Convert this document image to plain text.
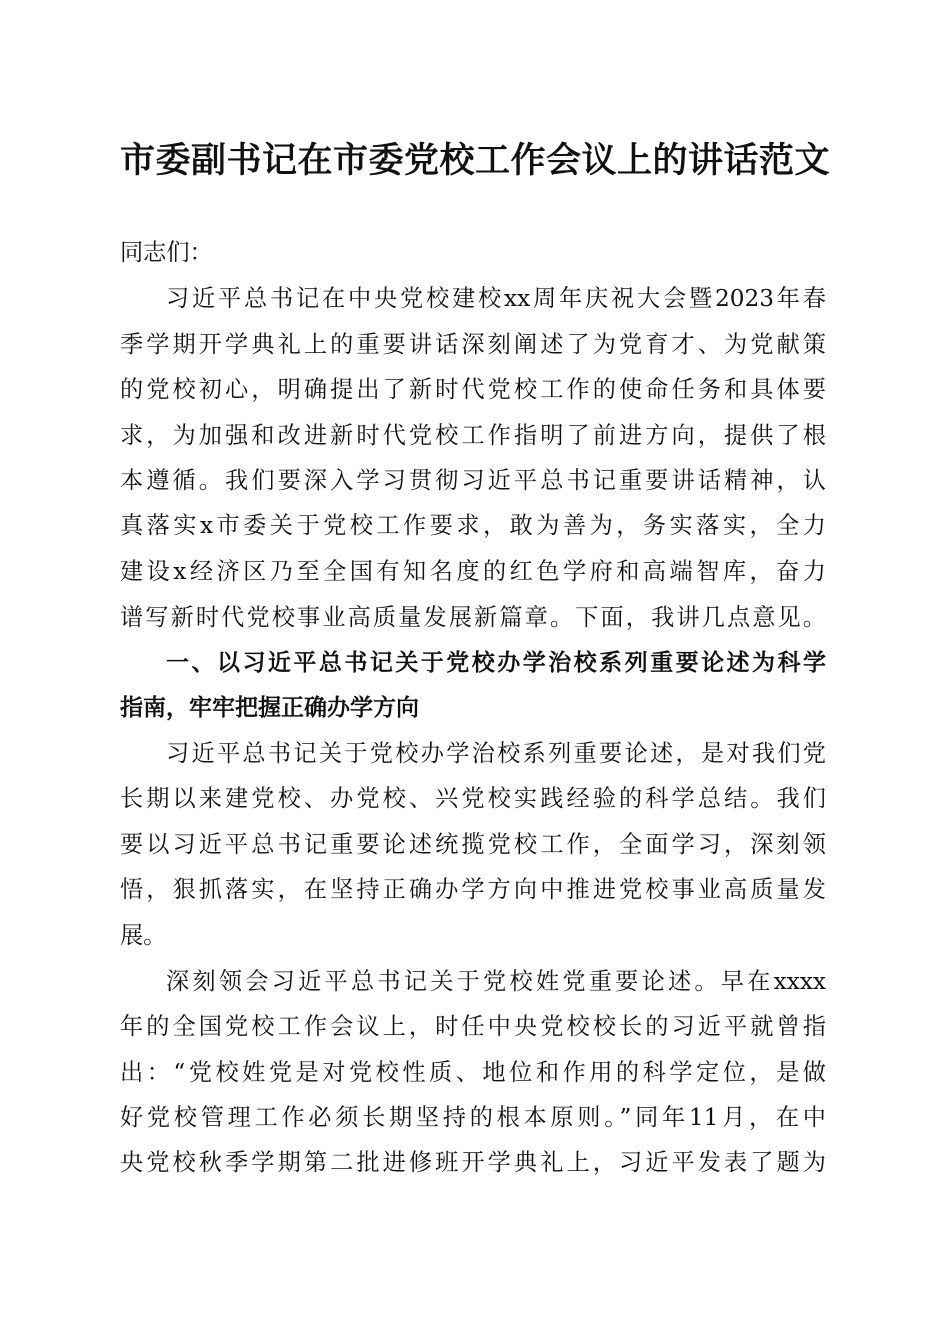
市委副书记在市委党校工作会议上的讲话范文
同志们：
习近平总书记在中央党校建校xx周年庆祝大会暨2023年春
季学期开学典礼上的重要讲话深刻阐述了为党育才、为党献策
的党校初心，明确提出了新时代党校工作的使命任务和具体要
求，为加强和改进新时代党校工作指明了前进方向，提供了根
本遵循。我们要深入学习贯彻习近平总书记重要讲话精神，认
真落实x市委关于党校工作要求，敢为善为，务实落实，全力
建设x经济区乃至全国有知名度的红色学府和高端智库，奋力
谱写新时代党校事业高质量发展新篇章。下面，我讲几点意见。
一、以习近平总书记关于党校办学治校系列重要论述为科学
指南，牢牢把握正确办学方向
习近平总书记关于党校办学治校系列重要论述，是对我们党
长期以来建党校、办党校、兴党校实践经验的科学总结。我们
要以习近平总书记重要论述统揽党校工作，全面学习，深刻领
悟，狠抓落实，在坚持正确办学方向中推进党校事业高质量发
展。
深刻领会习近平总书记关于党校姓党重要论述。早在xxxx
年的全国党校工作会议上，时任中央党校校长的习近平就曾指
出：“党校姓党是对党校性质、地位和作用的科学定位，是做
好党校管理工作必须长期坚持的根本原则。”同年11月，在中
央党校秋季学期第二批进修班开学典礼上，习近平发表了题为
